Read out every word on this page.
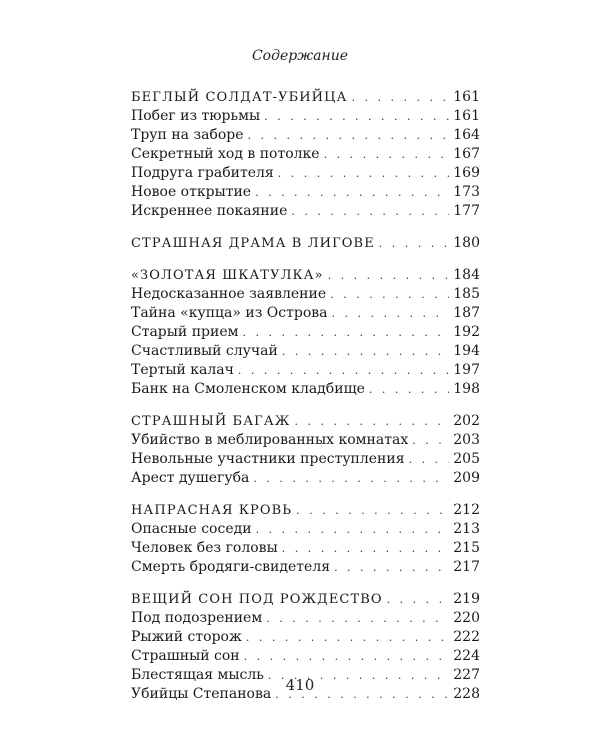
Содержание
БЕГЛЫЙ СОЛДАТ-УБИЙЦА . . .	161
Побег из тюрьмы . . .	161
Труп на заборе . . .	164
Секретный ход в потолке . . .	167
Подруга грабителя . . .	169
Новое открытие . . .	173
Искреннее покаяние . . .	177
СТРАШНАЯ ДРАМА В ЛИГОВЕ . . .	180
«ЗОЛОТАЯ ШКАТУЛКА» . . .	184
Недосказанное заявление . . .	185
Тайна «купца» из Острова . . .	187
Старый прием . . .	192
Счастливый случай . . .	194
Тертый калач . . .	197
Банк на Смоленском кладбище . . .	198
СТРАШНЫЙ БАГАЖ . . .	202
Убийство в меблированных комнатах . . .	203
Невольные участники преступления . . .	205
Арест душегуба . . .	209
НАПРАСНАЯ КРОВЬ . . .	212
Опасные соседи . . .	213
Человек без головы . . .	215
Смерть бродяги-свидетеля . . .	217
ВЕЩИЙ СОН ПОД РОЖДЕСТВО . . .	219
Под подозрением . . .	220
Рыжий сторож . . .	222
Страшный сон . . .	224
Блестящая мысль . . .	227
Убийцы Степанова . . .	228
410
